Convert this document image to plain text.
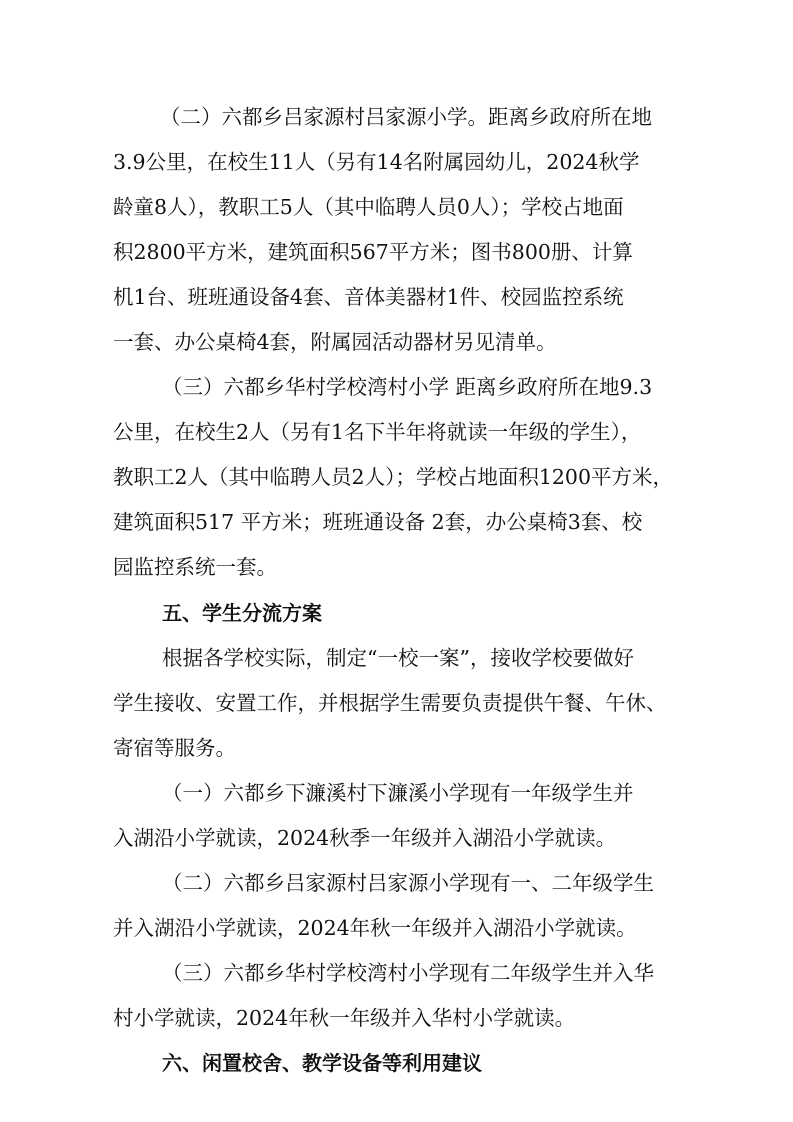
（二）六都乡吕家源村吕家源小学。距离乡政府所在地
3.9公里，在校生11人（另有14名附属园幼儿，2024秋学
龄童8人），教职工5人（其中临聘人员0人）；学校占地面
积2800平方米，建筑面积567平方米；图书800册、计算
机1台、班班通设备4套、音体美器材1件、校园监控系统
一套、办公桌椅4套，附属园活动器材另见清单。
（三）六都乡华村学校湾村小学 距离乡政府所在地9.3
公里，在校生2人（另有1名下半年将就读一年级的学生），
教职工2人（其中临聘人员2人）；学校占地面积1200平方米，
建筑面积517 平方米；班班通设备 2套，办公桌椅3套、校
园监控系统一套。
五、学生分流方案
根据各学校实际，制定“一校一案”，接收学校要做好
学生接收、安置工作，并根据学生需要负责提供午餐、午休、
寄宿等服务。
（一）六都乡下濂溪村下濂溪小学现有一年级学生并
入湖沿小学就读，2024秋季一年级并入湖沿小学就读。
（二）六都乡吕家源村吕家源小学现有一、二年级学生
并入湖沿小学就读，2024年秋一年级并入湖沿小学就读。
（三）六都乡华村学校湾村小学现有二年级学生并入华
村小学就读，2024年秋一年级并入华村小学就读。
六、闲置校舍、教学设备等利用建议
